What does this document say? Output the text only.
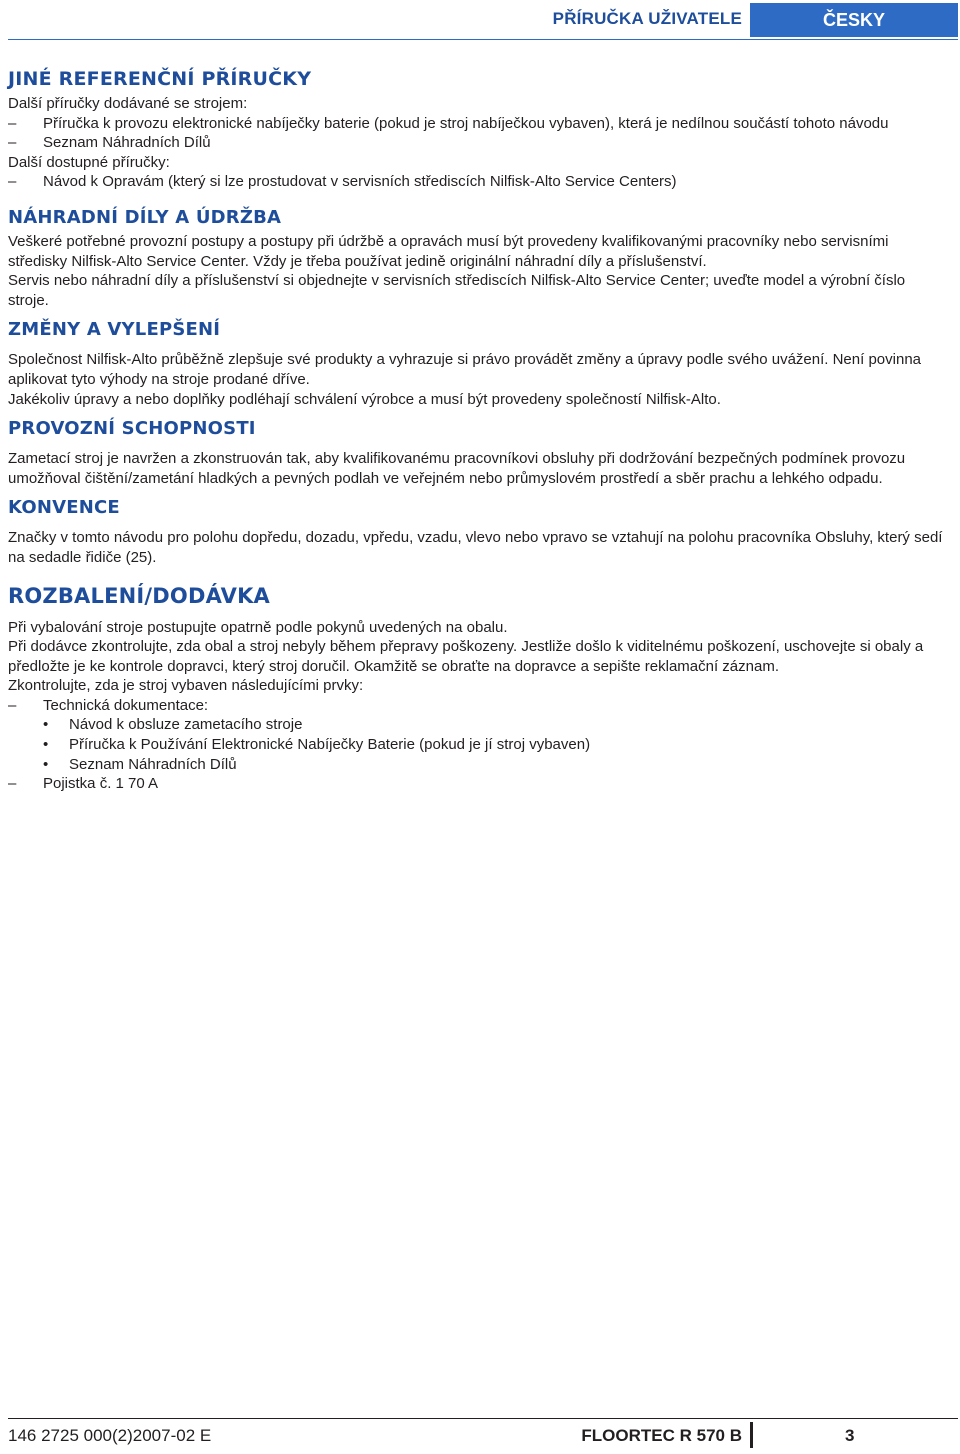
PŘÍRUČKA UŽIVATELE	ČESKY
JINÉ REFERENČNÍ PŘÍRUČKY

Další příručky dodávané se strojem:

–	Příručka k provozu elektronické nabíječky baterie (pokud je stroj nabíječkou vybaven), která je nedílnou součástí tohoto návodu
–	Seznam Náhradních Dílů

Další dostupné příručky:

–	Návod k Opravám (který si lze prostudovat v servisních střediscích Nilfisk-Alto Service Centers)
NÁHRADNÍ DÍLY A ÚDRŽBA

Veškeré potřebné provozní postupy a postupy při údržbě a opravách musí být provedeny kvalifikovanými pracovníky nebo servisními středisky Nilfisk-Alto Service Center. Vždy je třeba používat jedině originální náhradní díly a příslušenství.

Servis nebo náhradní díly a příslušenství si objednejte v servisních střediscích Nilfisk-Alto Service Center; uveďte model a výrobní číslo stroje.

ZMĚNY A VYLEPŠENÍ

Společnost Nilfisk-Alto průběžně zlepšuje své produkty a vyhrazuje si právo provádět změny a úpravy podle svého uvážení. Není povinna aplikovat tyto výhody na stroje prodané dříve.

Jakékoliv úpravy a nebo doplňky podléhají schválení výrobce a musí být provedeny společností Nilfisk-Alto.

PROVOZNÍ SCHOPNOSTI

Zametací stroj je navržen a zkonstruován tak, aby kvalifikovanému pracovníkovi obsluhy při dodržování bezpečných podmínek provozu umožňoval čištění/zametání hladkých a pevných podlah ve veřejném nebo průmyslovém prostředí a sběr prachu a lehkého odpadu.

KONVENCE

Značky v tomto návodu pro polohu dopředu, dozadu, vpředu, vzadu, vlevo nebo vpravo se vztahují na polohu pracovníka Obsluhy, který sedí na sedadle řidiče (25).

ROZBALENÍ/DODÁVKA

Při vybalování stroje postupujte opatrně podle pokynů uvedených na obalu.

Při dodávce zkontrolujte, zda obal a stroj nebyly během přepravy poškozeny. Jestliže došlo k viditelnému poškození, uschovejte si obaly a předložte je ke kontrole dopravci, který stroj doručil. Okamžitě se obraťte na dopravce a sepište reklamační záznam.

Zkontrolujte, zda je stroj vybaven následujícími prvky:

–	Technická dokumentace:
• Návod k obsluze zametacího stroje
• Příručka k Používání Elektronické Nabíječky Baterie (pokud je jí stroj vybaven)
• Seznam Náhradních Dílů
–	Pojistka č. 1 70 A
146 2725 000(2)2007-02 E	FLOORTEC R 570 B	3
